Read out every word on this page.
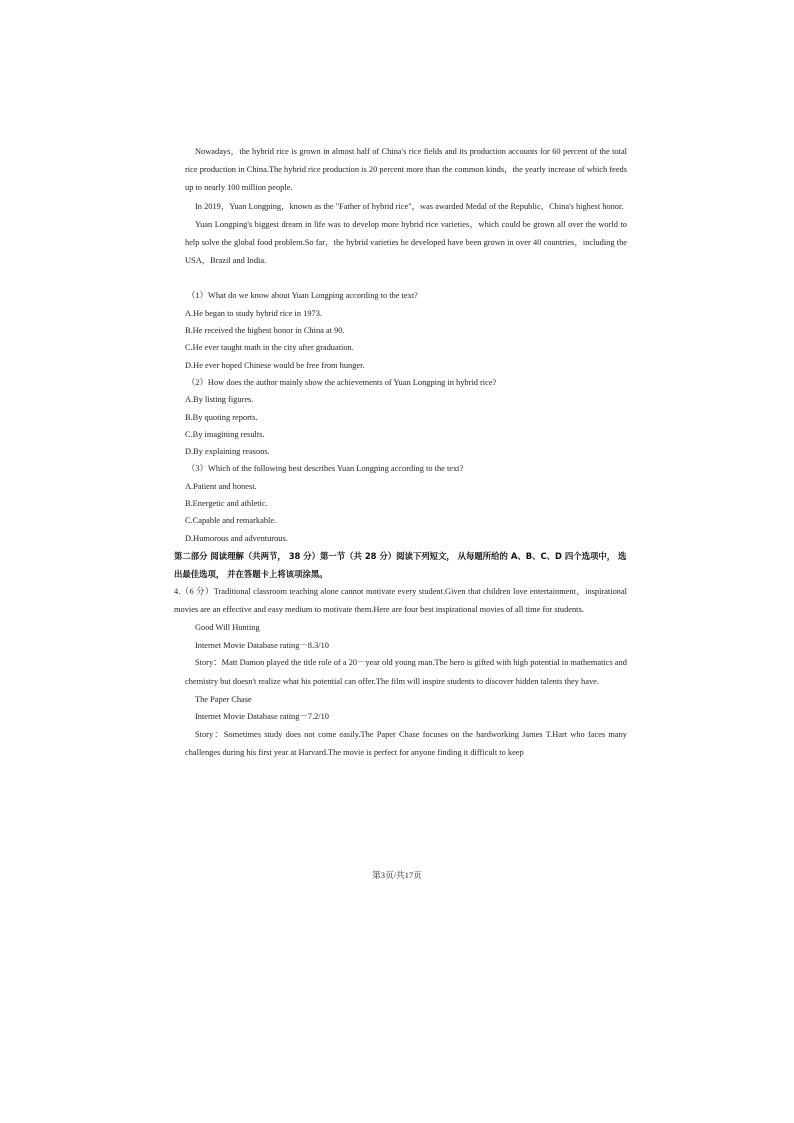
Nowadays，the hybrid rice is grown in almost half of China's rice fields and its production accounts for 60 percent of the total rice production in China.The hybrid rice production is 20 percent more than the common kinds，the yearly increase of which feeds up to nearly 100 million people.

In 2019，Yuan Longping，known as the "Father of hybrid rice"，was awarded Medal of the Republic，China's highest honor.

Yuan Longping's biggest dream in life was to develop more hybrid rice varieties，which could be grown all over the world to help solve the global food problem.So far，the hybrid varieties he developed have been grown in over 40 countries，including the USA，Brazil and India.

（1）What do we know about Yuan Longping according to the text?

A.He began to study hybrid rice in 1973.

B.He received the highest honor in China at 90.

C.He ever taught math in the city after graduation.

D.He ever hoped Chinese would be free from hunger.

（2）How does the author mainly show the achievements of Yuan Longping in hybrid rice?

A.By listing figures.

B.By quoting reports.

C.By imagining results.

D.By explaining reasons.

（3）Which of the following best describes Yuan Longping according to the text?

A.Patient and honest.

B.Energetic and athletic.

C.Capable and remarkable.

D.Humorous and adventurous.

第二部分 阅读理解（共两节， 38 分）第一节（共 28 分）阅读下列短文， 从每题所给的 A、B、C、D 四个选项中， 选出最佳选项， 并在答题卡上将该项涂黑。

4.（6 分）Traditional classroom teaching alone cannot motivate every student.Given that children love entertainment，inspirational movies are an effective and easy medium to motivate them.Here are four best inspirational movies of all time for students.

Good Will Hunting

Internet Movie Database rating－8.3/10

Story：Matt Damon played the title role of a 20－year old young man.The hero is gifted with high potential in mathematics and chemistry but doesn't realize what his potential can offer.The film will inspire students to discover hidden talents they have.

The Paper Chase

Internet Movie Database rating－7.2/10

Story：Sometimes study does not come easily.The Paper Chase focuses on the hardworking James T.Hart who faces many challenges during his first year at Harvard.The movie is perfect for anyone finding it difficult to keep

第3页/共17页
